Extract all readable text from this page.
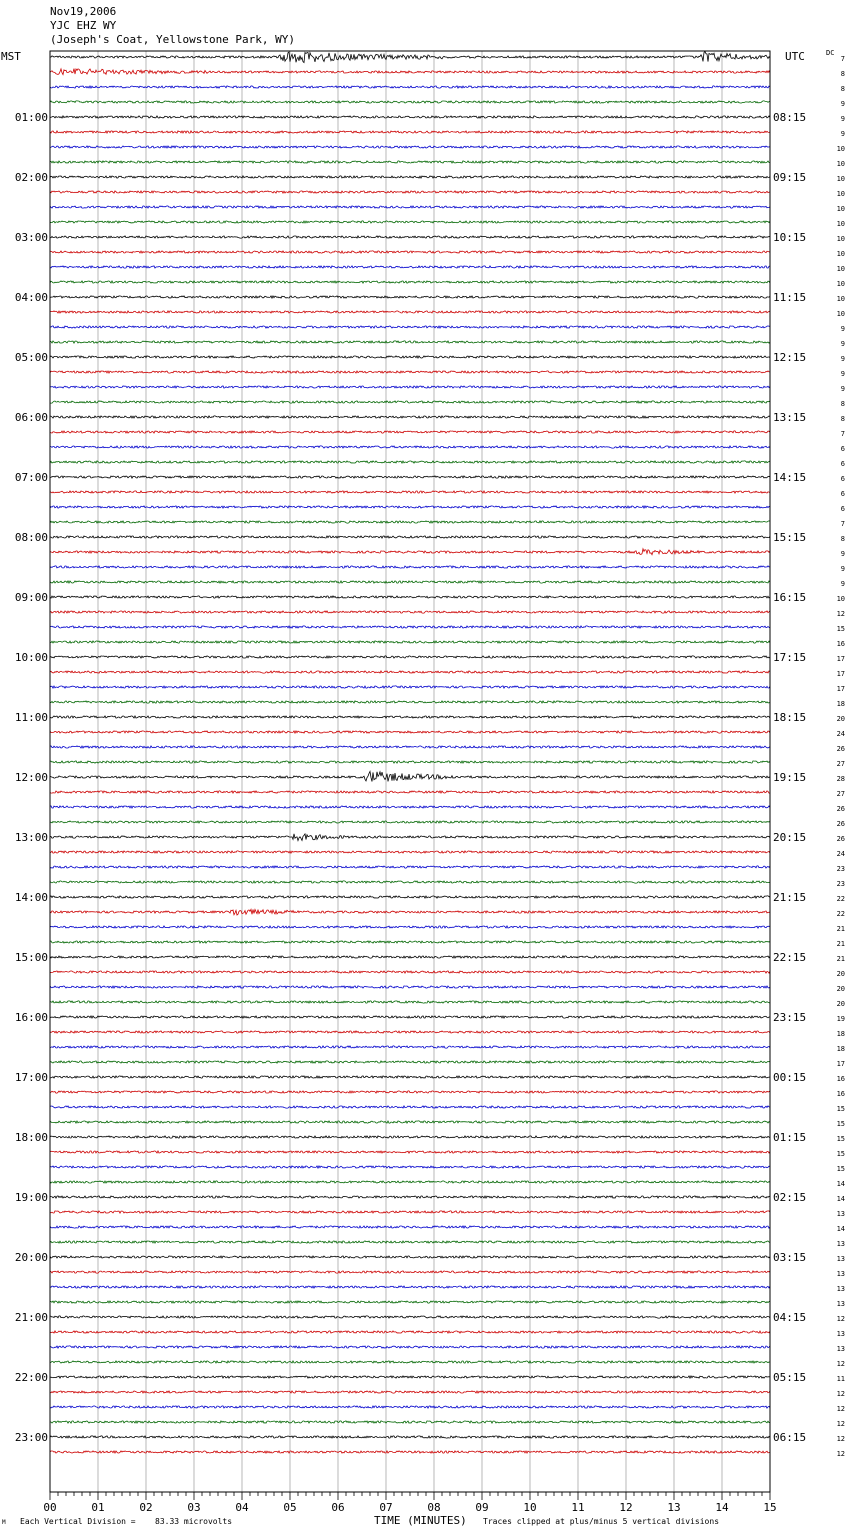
Nov19,2006
YJC EHZ WY
(Joseph's Coat, Yellowstone Park, WY)
MST	UTC	DC
01:00
02:00
03:00
04:00
05:00
06:00
07:00
08:00
09:00
10:00
11:00
12:00
13:00
14:00
15:00
16:00
17:00
18:00
19:00
20:00
21:00
22:00
23:00
08:15
09:15
10:15
11:15
12:15
13:15
14:15
15:15
16:15
17:15
18:15
19:15
20:15
21:15
22:15
23:15
00:15
01:15
02:15
03:15
04:15
05:15
06:15
7
8
8
9
9
9
10
10
10
10
10
10
10
10
10
10
10
10
9
9
9
9
9
8
8
7
6
6
6
6
6
7
8
9
9
9
10
12
15
16
17
17
17
18
20
24
26
27
28
27
26
26
26
24
23
23
22
22
21
21
21
20
20
20
19
18
18
17
16
16
15
15
15
15
15
14
14
13
14
13
13
13
13
13
12
13
13
12
11
12
12
12
12
12
00	01	02	03	04	05	06	07	08	09	10	11	12	13	14	15
M Each Vertical Division = 83.33 microvolts	TIME (MINUTES) Traces clipped at plus/minus 5 vertical divisions
